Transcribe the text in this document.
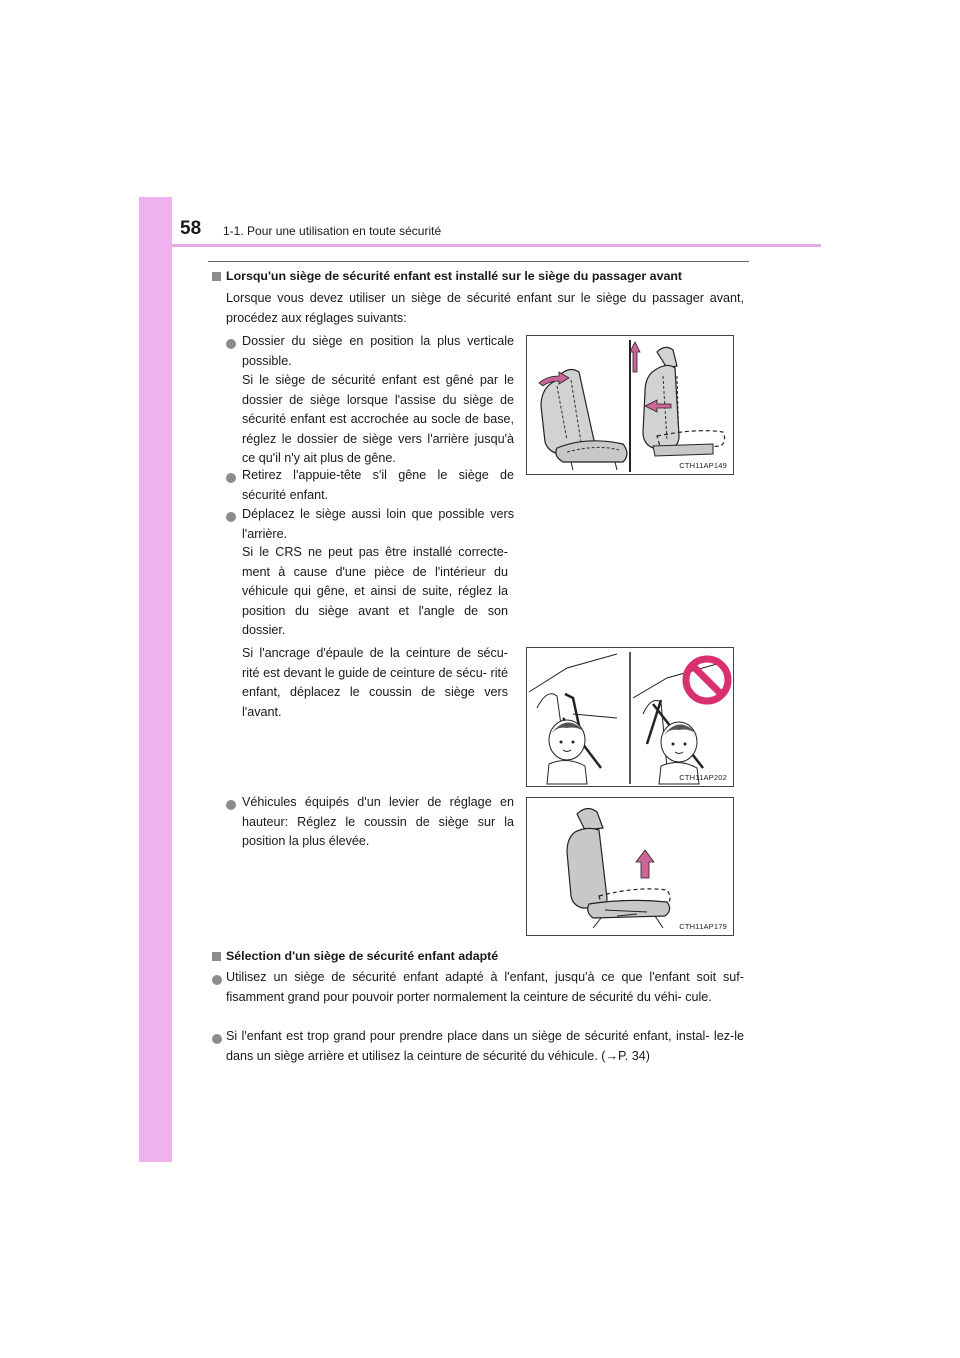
58 1-1. Pour une utilisation en toute sécurité
Lorsqu'un siège de sécurité enfant est installé sur le siège du passager avant
Lorsque vous devez utiliser un siège de sécurité enfant sur le siège du passager avant, procédez aux réglages suivants:
Dossier du siège en position la plus verticale possible.
Si le siège de sécurité enfant est gêné par le dossier de siège lorsque l'assise du siège de sécurité enfant est accrochée au socle de base, réglez le dossier de siège vers l'arrière jusqu'à ce qu'il n'y ait plus de gêne.
Retirez l'appuie-tête s'il gêne le siège de sécurité enfant.
Déplacez le siège aussi loin que possible vers l'arrière.
Si le CRS ne peut pas être installé correcte- ment à cause d'une pièce de l'intérieur du véhicule qui gêne, et ainsi de suite, réglez la position du siège avant et l'angle de son dossier.
Si l'ancrage d'épaule de la ceinture de sécu- rité est devant le guide de ceinture de sécu- rité enfant, déplacez le coussin de siège vers l'avant.
Véhicules équipés d'un levier de réglage en hauteur: Réglez le coussin de siège sur la position la plus élevée.
CTH11AP149
CTH11AP202
CTH11AP179
Sélection d'un siège de sécurité enfant adapté
Utilisez un siège de sécurité enfant adapté à l'enfant, jusqu'à ce que l'enfant soit suf- fisamment grand pour pouvoir porter normalement la ceinture de sécurité du véhi- cule.
Si l'enfant est trop grand pour prendre place dans un siège de sécurité enfant, instal- lez-le dans un siège arrière et utilisez la ceinture de sécurité du véhicule. (→P. 34)
